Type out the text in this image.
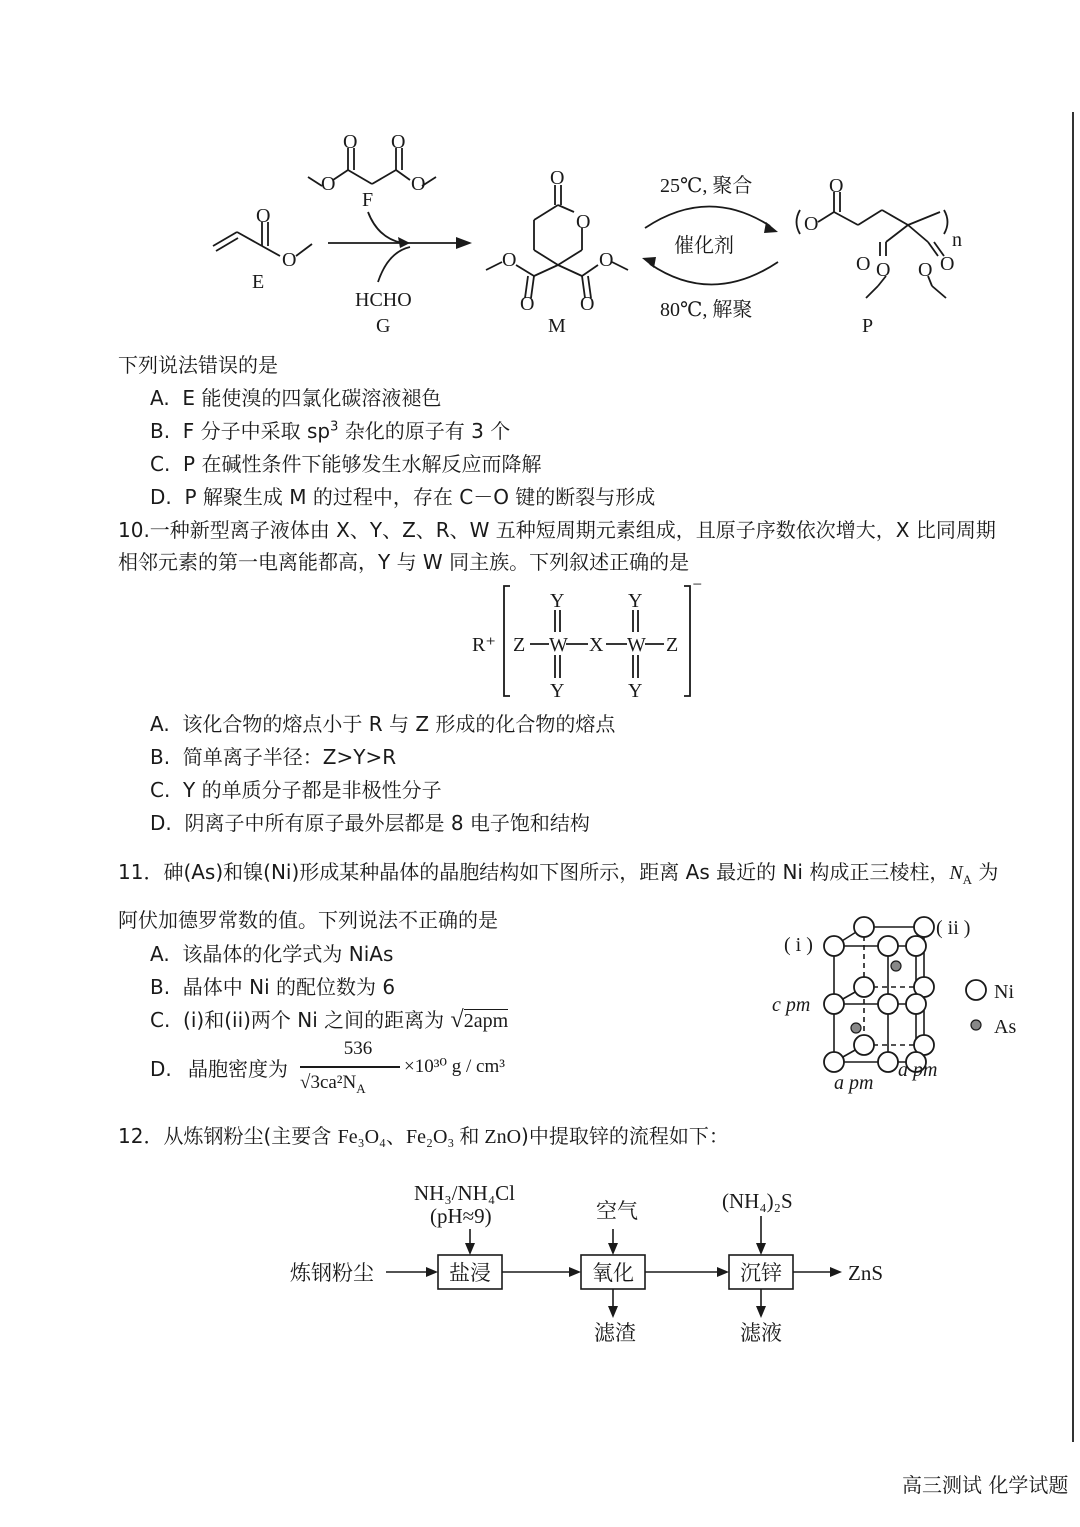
O
O
E
O O
O	O
F
HCHO
G
O
O
O	O
O O
M
25℃, 聚合
催化剂
80℃, 解聚
O
O
O
O O O
n
P
下列说法错误的是
A. E 能使溴的四氯化碳溶液褪色
B. F 分子中采取 $sp^3$ 杂化的原子有 3 个
C. P 在碱性条件下能够发生水解反应而降解
D. P 解聚生成 M 的过程中，存在 C－O 键的断裂与形成
10.一种新型离子液体由 X、Y、Z、R、W 五种短周期元素组成，且原子序数依次增大，X 比同周期
相邻元素的第一电离能都高，Y 与 W 同主族。下列叙述正确的是
R⁺
⁻
Z	Z
W	W
X
Y	Y
Y	Y
A. 该化合物的熔点小于 R 与 Z 形成的化合物的熔点
B. 简单离子半径：Z>Y>R
C. Y 的单质分子都是非极性分子
D. 阴离子中所有原子最外层都是 8 电子饱和结构
11．砷(As)和镍(Ni)形成某种晶体的晶胞结构如下图所示，距离 As 最近的 Ni 构成正三棱柱，$N_A$ 为
阿伏加德罗常数的值。下列说法不正确的是
A. 该晶体的化学式为 NiAs
B. 晶体中 Ni 的配位数为 6
C. (i)和(ii)两个 Ni 之间的距离为 √2apm
D. 晶胞密度为
536
$√3ca^2N_A$
×10³⁰ g / cm³
( i )
( ii )
c pm
a pm
a pm
Ni
As
12．从炼钢粉尘(主要含 Fe₃O₄、Fe₂O₃ 和 ZnO)中提取锌的流程如下：
NH₃/NH₄Cl
(pH≈9)	空气	(NH₄)₂S
炼钢粉尘	盐浸	氧化	沉锌	ZnS
滤渣	滤液
高三测试 化学试题
